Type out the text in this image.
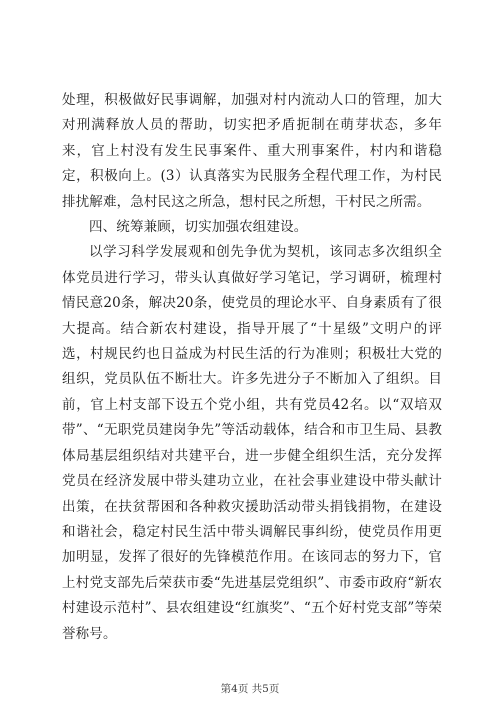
处理，积极做好民事调解，加强对村内流动人口的管理，加大对刑满释放人员的帮助，切实把矛盾扼制在萌芽状态，多年来，官上村没有发生民事案件、重大刑事案件，村内和谐稳定，积极向上。(3）认真落实为民服务全程代理工作，为村民排扰解难，急村民这之所急，想村民之所想，干村民之所需。

四、统筹兼顾，切实加强农组建设。

以学习科学发展观和创先争优为契机，该同志多次组织全体党员进行学习，带头认真做好学习笔记，学习调研，梳理村情民意20条，解决20条，使党员的理论水平、自身素质有了很大提高。结合新农村建设，指导开展了“十星级”文明户的评选，村规民约也日益成为村民生活的行为准则；积极壮大党的组织，党员队伍不断壮大。许多先进分子不断加入了组织。目前，官上村支部下设五个党小组，共有党员42名。以“双培双带”、“无职党员建岗争先”等活动载体，结合和市卫生局、县教体局基层组织结对共建平台，进一步健全组织生活，充分发挥党员在经济发展中带头建功立业，在社会事业建设中带头献计出策，在扶贫帮困和各种救灾援助活动带头捐钱捐物，在建设和谐社会，稳定村民生活中带头调解民事纠纷，使党员作用更加明显，发挥了很好的先锋模范作用。在该同志的努力下，官上村党支部先后荣获市委“先进基层党组织”、市委市政府“新农村建设示范村”、县农组建设“红旗奖”、“五个好村党支部”等荣誉称号。

第4页 共5页
